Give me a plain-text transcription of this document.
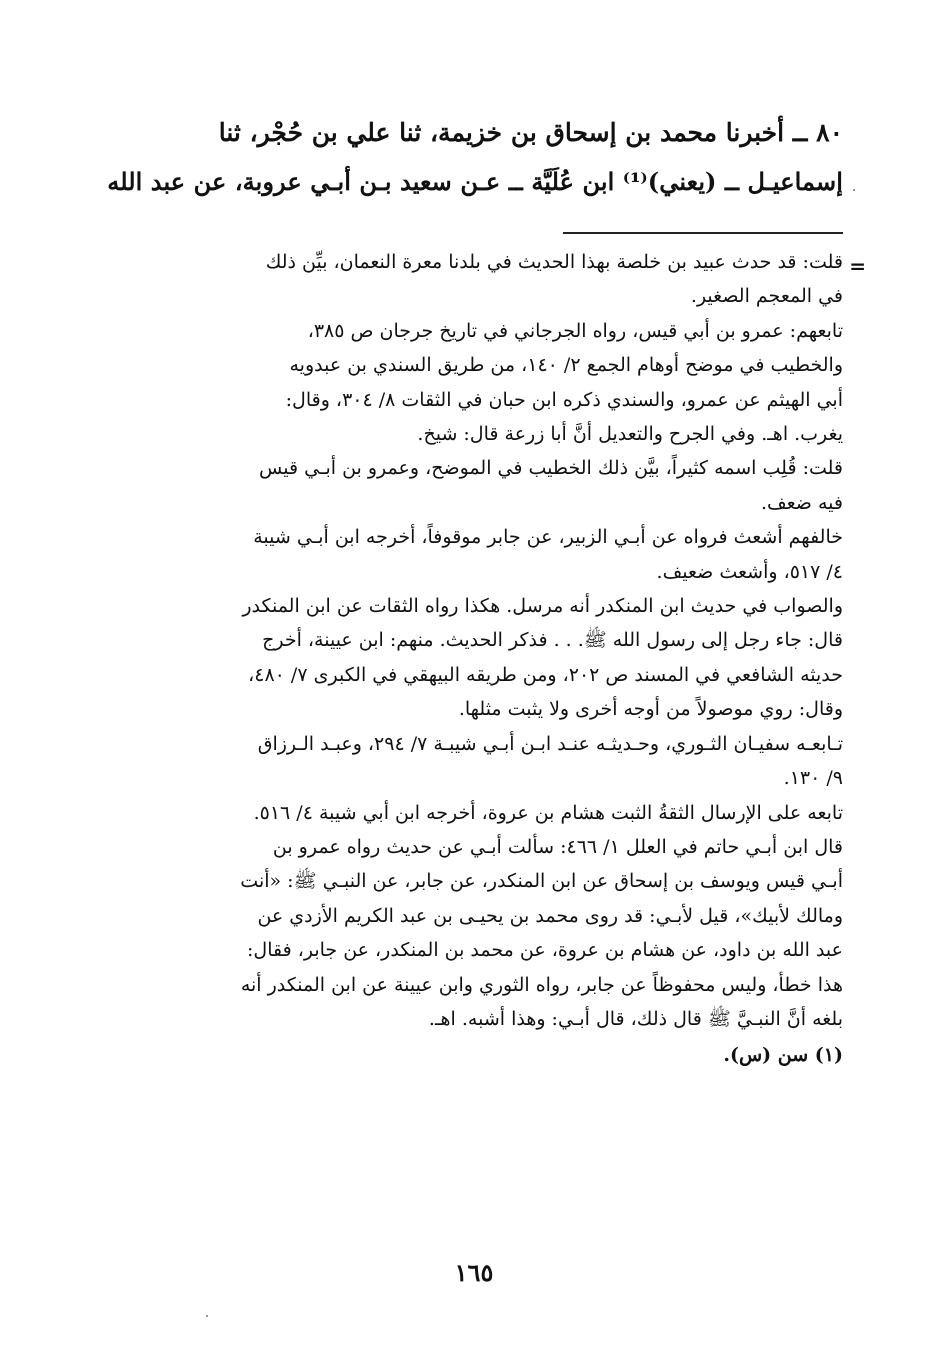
٨٠ ــ أخبرنا محمد بن إسحاق بن خزيمة، ثنا علي بن حُجْر، ثنا
إسماعيـل ــ (يعني)⁽¹⁾ ابن عُلَيَّة ــ عـن سعيد بـن أبـي عروبة، عن عبد الله
=
قلت: قد حدث عبيد بن خلصة بهذا الحديث في بلدنا معرة النعمان، بيِّن ذلك
في المعجم الصغير.
تابعهم: عمرو بن أبي قيس، رواه الجرجاني في تاريخ جرجان ص ٣٨٥،
والخطيب في موضح أوهام الجمع ٢/ ١٤٠، من طريق السندي بن عبدويه
أبي الهيثم عن عمرو، والسندي ذكره ابن حبان في الثقات ٨/ ٣٠٤، وقال:
يغرب. اهـ. وفي الجرح والتعديل أنَّ أبا زرعة قال: شيخ.
قلت: قُلِب اسمه كثيراً، بيَّن ذلك الخطيب في الموضح، وعمرو بن أبـي قيس
فيه ضعف.
خالفهم أشعث فرواه عن أبـي الزبير، عن جابر موقوفاً، أخرجه ابن أبـي شيبة
٤/ ٥١٧، وأشعث ضعيف.
والصواب في حديث ابن المنكدر أنه مرسل. هكذا رواه الثقات عن ابن المنكدر
قال: جاء رجل إلى رسول الله ﷺ. . . فذكر الحديث. منهم: ابن عيينة، أخرج
حديثه الشافعي في المسند ص ٢٠٢، ومن طريقه البيهقي في الكبرى ٧/ ٤٨٠،
وقال: روي موصولاً من أوجه أخرى ولا يثبت مثلها.
تـابعـه سفيـان الثـوري، وحـديثـه عنـد ابـن أبـي شيبـة ٧/ ٢٩٤، وعبـد الـرزاق
٩/ ١٣٠.
تابعه على الإرسال الثقةُ الثبت هشام بن عروة، أخرجه ابن أبي شيبة ٤/ ٥١٦.
قال ابن أبـي حاتم في العلل ١/ ٤٦٦: سألت أبـي عن حديث رواه عمرو بن
أبـي قيس ويوسف بن إسحاق عن ابن المنكدر، عن جابر، عن النبـي ﷺ: «أنت
ومالك لأبيك»، قيل لأبـي: قد روى محمد بن يحيـى بن عبد الكريم الأزدي عن
عبد الله بن داود، عن هشام بن عروة، عن محمد بن المنكدر، عن جابر، فقال:
هذا خطأ، وليس محفوظاً عن جابر، رواه الثوري وابن عيينة عن ابن المنكدر أنه
بلغه أنَّ النبـيَّ ﷺ قال ذلك، قال أبـي: وهذا أشبه. اهـ.
(١) سن (س).
١٦٥
